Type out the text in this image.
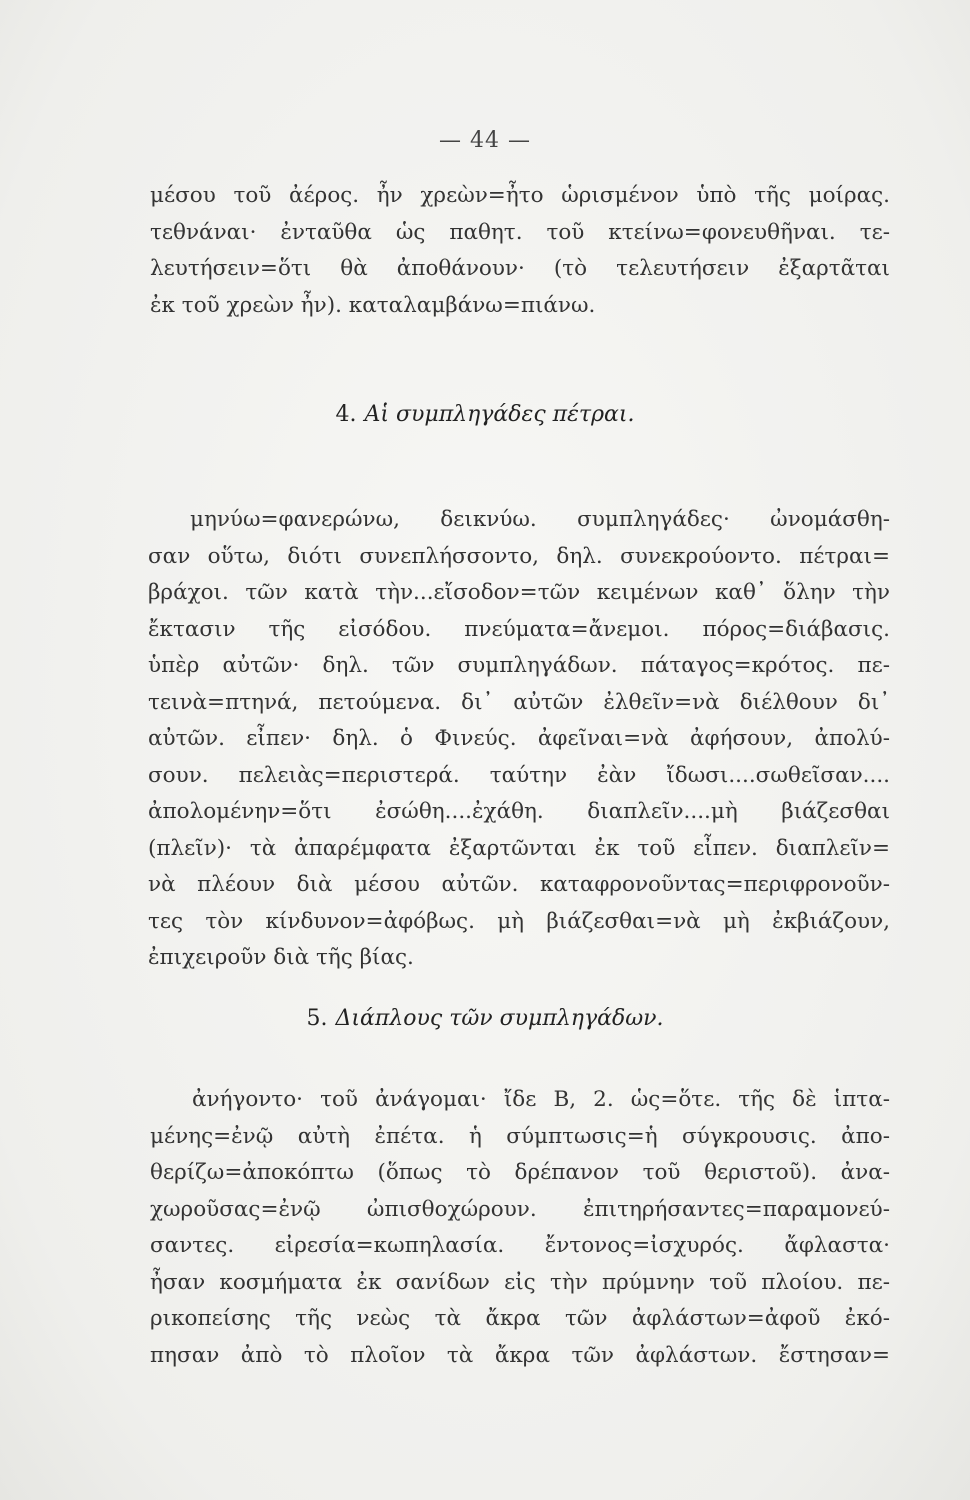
— 44 —
μέσου τοῦ ἀέρος. ἦν χρεὼν=ἦτο ὡρισμένον ὑπὸ τῆς μοίρας.
τεθνάναι· ἐνταῦθα ὡς παθητ. τοῦ κτείνω=φονευθῆναι. τε-
λευτήσειν=ὅτι θὰ ἀποθάνουν· (τὸ τελευτήσειν ἐξαρτᾶται
ἐκ τοῦ χρεὼν ἦν). καταλαμβάνω=πιάνω.
4. Αἱ συμπληγάδες πέτραι.
μηνύω=φανερώνω, δεικνύω. συμπληγάδες· ὠνομάσθη-
σαν οὕτω, διότι συνεπλήσσοντο, δηλ. συνεκρούοντο. πέτραι=
βράχοι. τῶν κατὰ τὴν...εἴσοδον=τῶν κειμένων καθ᾽ ὅλην τὴν
ἔκτασιν τῆς εἰσόδου. πνεύματα=ἄνεμοι. πόρος=διάβασις.
ὑπὲρ αὐτῶν· δηλ. τῶν συμπληγάδων. πάταγος=κρότος. πε-
τεινὰ=πτηνά, πετούμενα. δι᾽ αὐτῶν ἐλθεῖν=νὰ διέλθουν δι᾽
αὐτῶν. εἶπεν· δηλ. ὁ Φινεύς. ἀφεῖναι=νὰ ἀφήσουν, ἀπολύ-
σουν. πελειὰς=περιστερά. ταύτην ἐὰν ἴδωσι....σωθεῖσαν....
ἀπολομένην=ὅτι ἐσώθη....ἐχάθη. διαπλεῖν....μὴ βιάζεσθαι
(πλεῖν)· τὰ ἀπαρέμφατα ἐξαρτῶνται ἐκ τοῦ εἶπεν. διαπλεῖν=
νὰ πλέουν διὰ μέσου αὐτῶν. καταφρονοῦντας=περιφρονοῦν-
τες τὸν κίνδυνον=ἀφόβως. μὴ βιάζεσθαι=νὰ μὴ ἐκβιάζουν,
ἐπιχειροῦν διὰ τῆς βίας.
5. Διάπλους τῶν συμπληγάδων.
ἀνήγοντο· τοῦ ἀνάγομαι· ἴδε Β, 2. ὡς=ὅτε. τῆς δὲ ἱπτα-
μένης=ἐνῷ αὐτὴ ἐπέτα. ἡ σύμπτωσις=ἡ σύγκρουσις. ἀπο-
θερίζω=ἀποκόπτω (ὅπως τὸ δρέπανον τοῦ θεριστοῦ). ἀνα-
χωροῦσας=ἐνῷ ὠπισθοχώρουν. ἐπιτηρήσαντες=παραμονεύ-
σαντες. εἰρεσία=κωπηλασία. ἔντονος=ἰσχυρός. ἄφλαστα·
ἦσαν κοσμήματα ἐκ σανίδων εἰς τὴν πρύμνην τοῦ πλοίου. πε-
ρικοπείσης τῆς νεὼς τὰ ἄκρα τῶν ἀφλάστων=ἀφοῦ ἐκό-
πησαν ἀπὸ τὸ πλοῖον τὰ ἄκρα τῶν ἀφλάστων. ἔστησαν=
